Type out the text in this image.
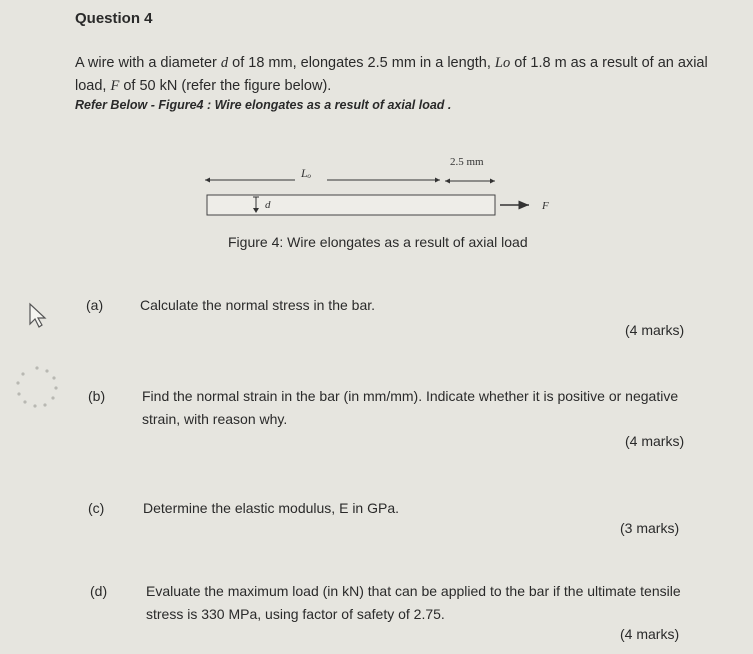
Question 4
A wire with a diameter d of 18 mm, elongates 2.5 mm in a length, Lo of 1.8 m as a result of an axial load, F of 50 kN (refer the figure below).
Refer Below - Figure4 : Wire elongates as a result of axial load .
Lₒ
2.5 mm
d	F
Figure 4: Wire elongates as a result of axial load
(a)	Calculate the normal stress in the bar.
(4 marks)
(b)	Find the normal strain in the bar (in mm/mm). Indicate whether it is positive or negative strain, with reason why.
(4 marks)
(c)	Determine the elastic modulus, E in GPa.
(3 marks)
(d)	Evaluate the maximum load (in kN) that can be applied to the bar if the ultimate tensile stress is 330 MPa, using factor of safety of 2.75.
(4 marks)
